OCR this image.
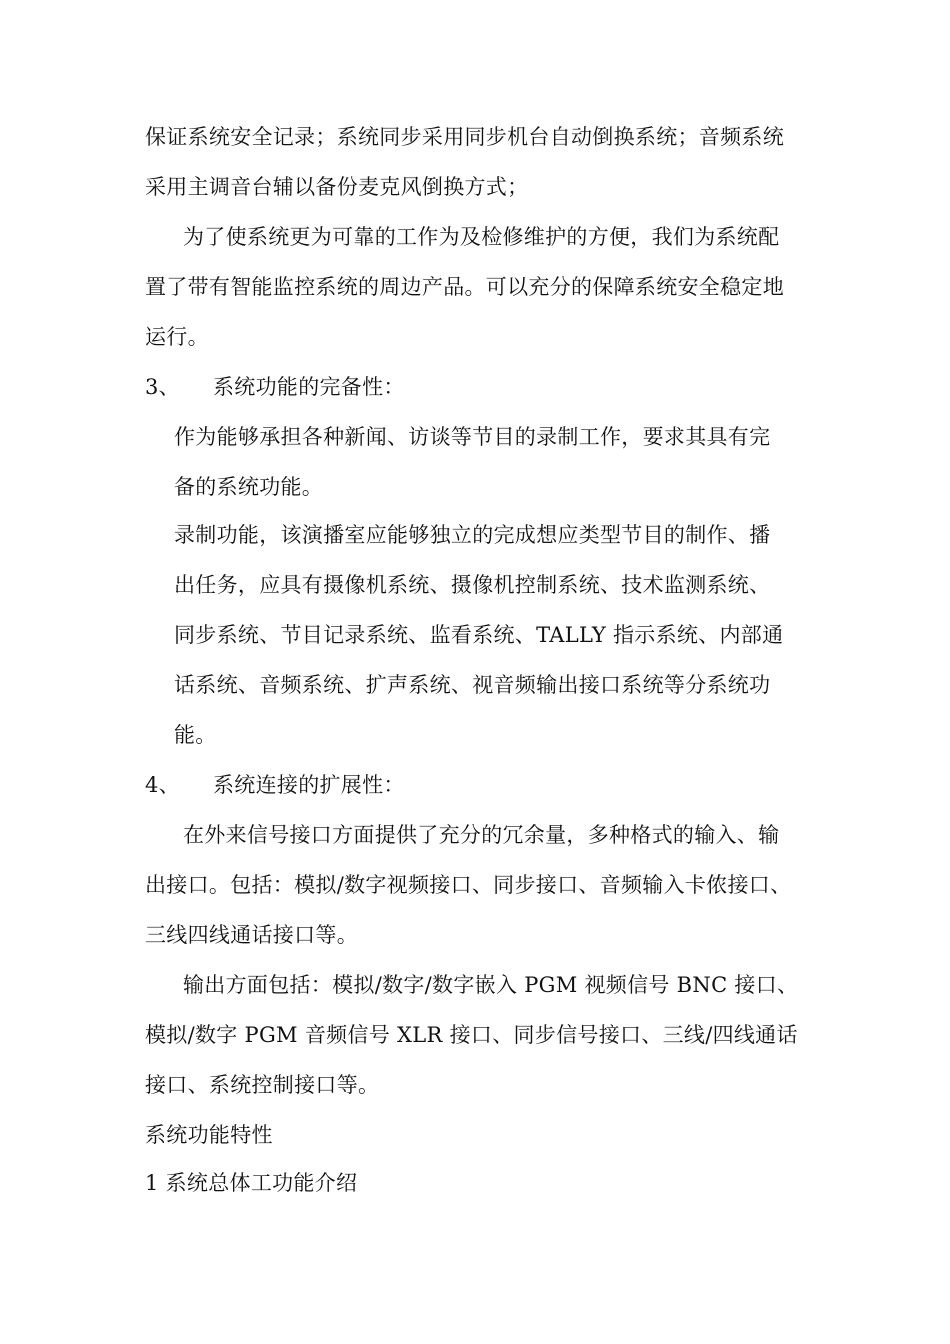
保证系统安全记录；系统同步采用同步机台自动倒换系统；音频系统
采用主调音台辅以备份麦克风倒换方式；
为了使系统更为可靠的工作为及检修维护的方便，我们为系统配
置了带有智能监控系统的周边产品。可以充分的保障系统安全稳定地
运行。
3、 系统功能的完备性：
作为能够承担各种新闻、访谈等节目的录制工作，要求其具有完
备的系统功能。
录制功能，该演播室应能够独立的完成想应类型节目的制作、播
出任务，应具有摄像机系统、摄像机控制系统、技术监测系统、
同步系统、节目记录系统、监看系统、TALLY 指示系统、内部通
话系统、音频系统、扩声系统、视音频输出接口系统等分系统功
能。
4、 系统连接的扩展性：
在外来信号接口方面提供了充分的冗余量，多种格式的输入、输
出接口。包括：模拟/数字视频接口、同步接口、音频输入卡侬接口、
三线四线通话接口等。
输出方面包括：模拟/数字/数字嵌入 PGM 视频信号 BNC 接口、
模拟/数字 PGM 音频信号 XLR 接口、同步信号接口、三线/四线通话
接口、系统控制接口等。
系统功能特性
1 系统总体工功能介绍
